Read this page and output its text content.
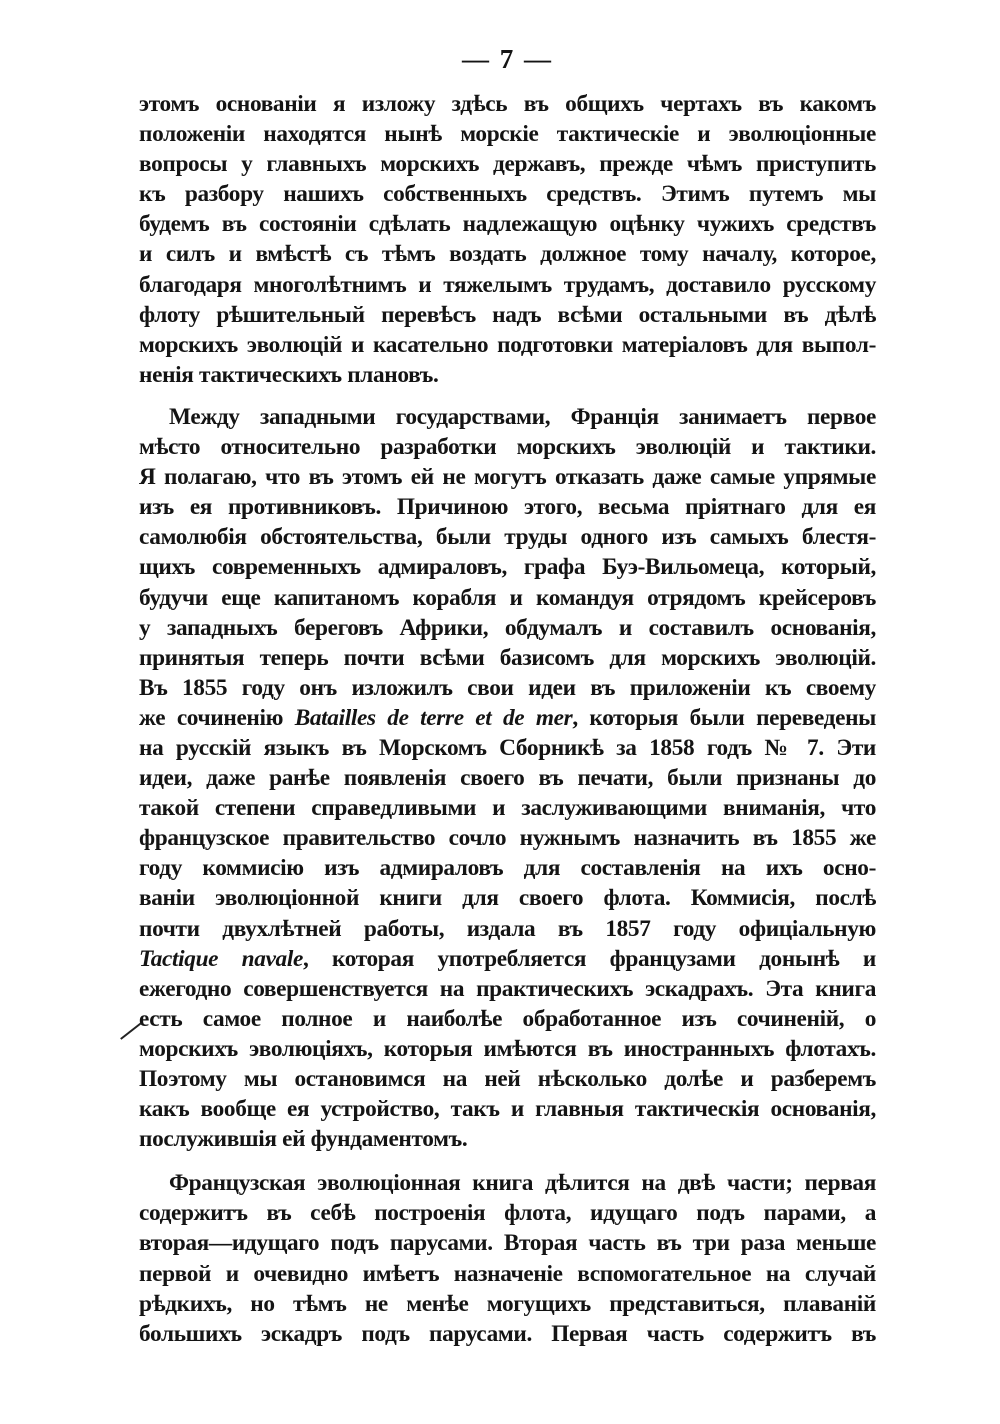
— 7 —
этомъ основаніи я изложу здѣсь въ общихъ чертахъ въ какомъ
положеніи находятся нынѣ морскіе тактическіе и эволюціонные
вопросы у главныхъ морскихъ державъ, прежде чѣмъ приступить
къ разбору нашихъ собственныхъ средствъ. Этимъ путемъ мы
будемъ въ состояніи сдѣлать надлежащую оцѣнку чужихъ средствъ
и силъ и вмѣстѣ съ тѣмъ воздать должное тому началу, которое,
благодаря многолѣтнимъ и тяжелымъ трудамъ, доставило русскому
флоту рѣшительный перевѣсъ надъ всѣми остальными въ дѣлѣ
морскихъ эволюцій и касательно подготовки матеріаловъ для выпол-
ненія тактическихъ плановъ.
Между западными государствами, Франція занимаетъ первое
мѣсто относительно разработки морскихъ эволюцій и тактики.
Я полагаю, что въ этомъ ей не могутъ отказать даже самые упрямые
изъ ея противниковъ. Причиною этого, весьма пріятнаго для ея
самолюбія обстоятельства, были труды одного изъ самыхъ блестя-
щихъ современныхъ адмираловъ, графа Буэ-Вильомеца, который,
будучи еще капитаномъ корабля и командуя отрядомъ крейсеровъ
у западныхъ береговъ Африки, обдумалъ и составилъ основанія,
принятыя теперь почти всѣми базисомъ для морскихъ эволюцій.
Въ 1855 году онъ изложилъ свои идеи въ приложеніи къ своему
же сочиненію Batailles de terre et de mer, которыя были переведены
на русскій языкъ въ Морскомъ Сборникѣ за 1858 годъ № 7. Эти
идеи, даже ранѣе появленія своего въ печати, были признаны до
такой степени справедливыми и заслуживающими вниманія, что
французское правительство сочло нужнымъ назначить въ 1855 же
году коммисію изъ адмираловъ для составленія на ихъ осно-
ваніи эволюціонной книги для своего флота. Коммисія, послѣ
почти двухлѣтней работы, издала въ 1857 году офиціальную
Tactique navale, которая употребляется французами донынѣ и
ежегодно совершенствуется на практическихъ эскадрахъ. Эта книга
есть самое полное и наиболѣе обработанное изъ сочиненій, о
морскихъ эволюціяхъ, которыя имѣются въ иностранныхъ флотахъ.
Поэтому мы остановимся на ней нѣсколько долѣе и разберемъ
какъ вообще ея устройство, такъ и главныя тактическія основанія,
послужившія ей фундаментомъ.
Французская эволюціонная книга дѣлится на двѣ части; первая
содержитъ въ себѣ построенія флота, идущаго подъ парами, а
вторая—идущаго подъ парусами. Вторая часть въ три раза меньше
первой и очевидно имѣетъ назначеніе вспомогательное на случай
рѣдкихъ, но тѣмъ не менѣе могущихъ представиться, плаваній
большихъ эскадръ подъ парусами. Первая часть содержитъ въ
